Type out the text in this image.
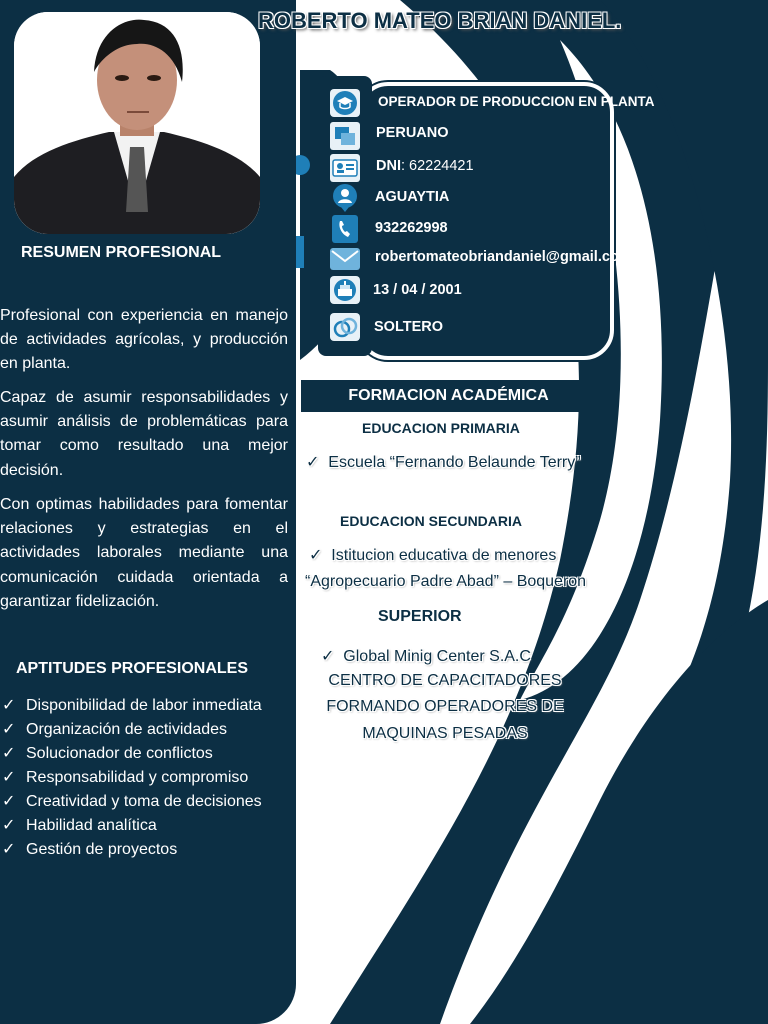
ROBERTO MATEO BRIAN DANIEL.
RESUMEN PROFESIONAL

Profesional con experiencia en manejo de actividades agrícolas, y producción en planta.

Capaz de asumir responsabilidades y asumir análisis de problemáticas para tomar como resultado una mejor decisión.

Con optimas habilidades para fomentar relaciones y estrategias en el actividades laborales mediante una comunicación cuidada orientada a garantizar fidelización.

APTITUDES PROFESIONALES
✓ Disponibilidad de labor inmediata
✓ Organización de actividades
✓ Solucionador de conflictos
✓ Responsabilidad y compromiso
✓ Creatividad y toma de decisiones
✓ Habilidad analítica
✓ Gestión de proyectos
OPERADOR DE PRODUCCION EN PLANTA
PERUANO
DNI: 62224421
AGUAYTIA
932262998
robertomateobriandaniel@gmail.com
13 / 04 / 2001
SOLTERO
FORMACION ACADÉMICA
EDUCACION PRIMARIA
✓ Escuela “Fernando Belaunde Terry”
EDUCACION SECUNDARIA
✓ Istitucion educativa de menores
“Agropecuario Padre Abad” – Boqueron
SUPERIOR
✓ Global Minig Center S.A.C
CENTRO DE CAPACITADORES
FORMANDO OPERADORES DE
MAQUINAS PESADAS
